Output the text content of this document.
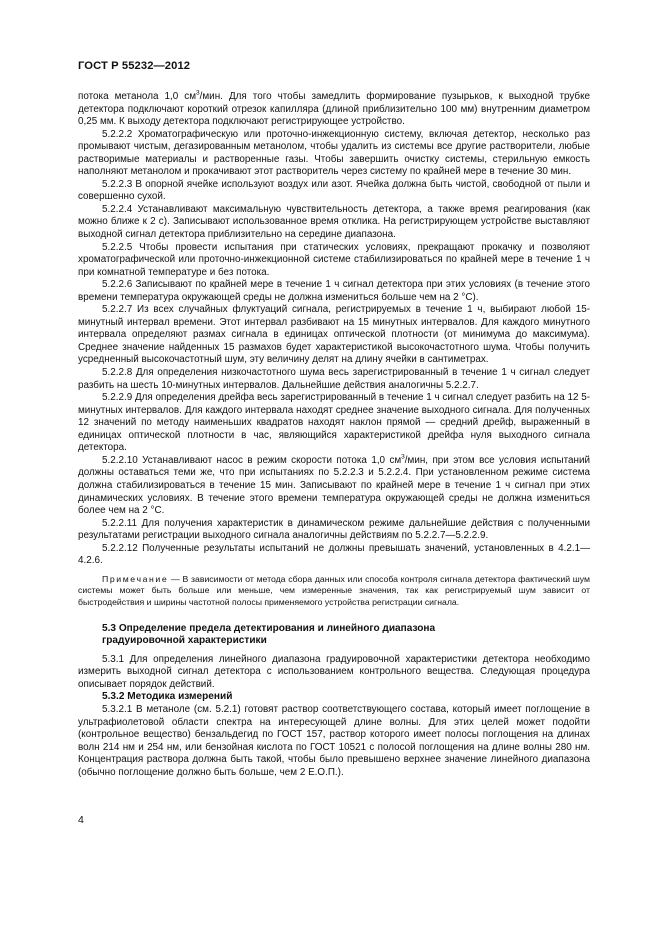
ГОСТ Р 55232—2012

потока метанола 1,0 $см^3$/мин. Для того чтобы замедлить формирование пузырьков, к выходной трубке детектора подключают короткий отрезок капилляра (длиной приблизительно 100 мм) внутренним диаметром 0,25 мм. К выходу детектора подключают регистрирующее устройство.

5.2.2.2 Хроматографическую или проточно-инжекционную систему, включая детектор, несколько раз промывают чистым, дегазированным метанолом, чтобы удалить из системы все другие растворители, любые растворимые материалы и растворенные газы. Чтобы завершить очистку системы, стерильную емкость наполняют метанолом и прокачивают этот растворитель через систему по крайней мере в течение 30 мин.

5.2.2.3 В опорной ячейке используют воздух или азот. Ячейка должна быть чистой, свободной от пыли и совершенно сухой.

5.2.2.4 Устанавливают максимальную чувствительность детектора, а также время реагирования (как можно ближе к 2 с). Записывают использованное время отклика. На регистрирующем устройстве выставляют выходной сигнал детектора приблизительно на середине диапазона.

5.2.2.5 Чтобы провести испытания при статических условиях, прекращают прокачку и позволяют хроматографической или проточно-инжекционной системе стабилизироваться по крайней мере в течение 1 ч при комнатной температуре и без потока.

5.2.2.6 Записывают по крайней мере в течение 1 ч сигнал детектора при этих условиях (в течение этого времени температура окружающей среды не должна измениться больше чем на 2 °С).

5.2.2.7 Из всех случайных флуктуаций сигнала, регистрируемых в течение 1 ч, выбирают любой 15-минутный интервал времени. Этот интервал разбивают на 15 минутных интервалов. Для каждого минутного интервала определяют размах сигнала в единицах оптической плотности (от минимума до максимума). Среднее значение найденных 15 размахов будет характеристикой высокочастотного шума. Чтобы получить усредненный высокочастотный шум, эту величину делят на длину ячейки в сантиметрах.

5.2.2.8 Для определения низкочастотного шума весь зарегистрированный в течение 1 ч сигнал следует разбить на шесть 10-минутных интервалов. Дальнейшие действия аналогичны 5.2.2.7.

5.2.2.9 Для определения дрейфа весь зарегистрированный в течение 1 ч сигнал следует разбить на 12 5-минутных интервалов. Для каждого интервала находят среднее значение выходного сигнала. Для полученных 12 значений по методу наименьших квадратов находят наклон прямой — средний дрейф, выраженный в единицах оптической плотности в час, являющийся характеристикой дрейфа нуля выходного сигнала детектора.

5.2.2.10 Устанавливают насос в режим скорости потока 1,0 $см^3$/мин, при этом все условия испытаний должны оставаться теми же, что при испытаниях по 5.2.2.3 и 5.2.2.4. При установленном режиме система должна стабилизироваться в течение 15 мин. Записывают по крайней мере в течение 1 ч сигнал при этих динамических условиях. В течение этого времени температура окружающей среды не должна измениться более чем на 2 °С.

5.2.2.11 Для получения характеристик в динамическом режиме дальнейшие действия с полученными результатами регистрации выходного сигнала аналогичны действиям по 5.2.2.7—5.2.2.9.

5.2.2.12 Полученные результаты испытаний не должны превышать значений, установленных в 4.2.1—4.2.6.

Примечание — В зависимости от метода сбора данных или способа контроля сигнала детектора фактический шум системы может быть больше или меньше, чем измеренные значения, так как регистрируемый шум зависит от быстродействия и ширины частотной полосы применяемого устройства регистрации сигнала.

5.3 Определение предела детектирования и линейного диапазона
градуировочной характеристики

5.3.1 Для определения линейного диапазона градуировочной характеристики детектора необходимо измерить выходной сигнал детектора с использованием контрольного вещества. Следующая процедура описывает порядок действий.

5.3.2 Методика измерений

5.3.2.1 В метаноле (см. 5.2.1) готовят раствор соответствующего состава, который имеет поглощение в ультрафиолетовой области спектра на интересующей длине волны. Для этих целей может подойти (контрольное вещество) бензальдегид по ГОСТ 157, раствор которого имеет полосы поглощения на длинах волн 214 нм и 254 нм, или бензойная кислота по ГОСТ 10521 с полосой поглощения на длине волны 280 нм. Концентрация раствора должна быть такой, чтобы было превышено верхнее значение линейного диапазона (обычно поглощение должно быть больше, чем 2 Е.О.П.).

4
